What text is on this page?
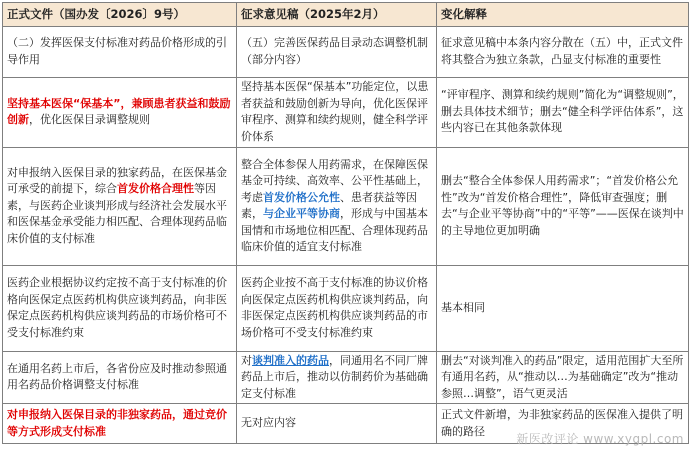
正式文件（国办发〔2026〕9号）	征求意见稿（2025年2月）	变化解释
（二）发挥医保支付标准对药品价格形成的引导作用	（五）完善医保药品目录动态调整机制（部分内容）	征求意见稿中本条内容分散在（五）中，正式文件将其整合为独立条款，凸显支付标准的重要性
坚持基本医保“保基本”，兼顾患者获益和鼓励创新，优化医保目录调整规则	坚持基本医保“保基本”功能定位，以患者获益和鼓励创新为导向，优化医保评审程序、测算和续约规则，健全科学评价体系	“评审程序、测算和续约规则”简化为“调整规则”，删去具体技术细节；删去“健全科学评估体系”，这些内容已在其他条款体现
对申报纳入医保目录的独家药品，在医保基金可承受的前提下，综合首发价格合理性等因素，与医药企业谈判形成与经济社会发展水平和医保基金承受能力相匹配、合理体现药品临床价值的支付标准	整合全体参保人用药需求，在保障医保基金可持续、高效率、公平性基础上，考虑首发价格公允性、患者获益等因素，与企业平等协商，形成与中国基本国情和市场地位相匹配、合理体现药品临床价值的适宜支付标准	删去“整合全体参保人用药需求”；“首发价格公允性”改为“首发价格合理性”，降低审查强度；删去“与企业平等协商”中的“平等”——医保在谈判中的主导地位更加明确
医药企业根据协议约定按不高于支付标准的价格向医保定点医药机构供应谈判药品，向非医保定点医药机构供应谈判药品的市场价格可不受支付标准约束	医药企业按不高于支付标准的协议价格向医保定点医药机构供应谈判药品，向非医保定点医药机构供应谈判药品的市场价格可不受支付标准约束	基本相同
在通用名药上市后，各省份应及时推动参照通用名药品价格调整支付标准	对谈判准入的药品，同通用名不同厂牌药品上市后，推动以仿制药价为基础确定支付标准	删去“对谈判准入的药品”限定，适用范围扩大至所有通用名药，从“推动以…为基础确定”改为“推动参照…调整”，语气更灵活
对申报纳入医保目录的非独家药品，通过竞价等方式形成支付标准	无对应内容	正式文件新增，为非独家药品的医保准入提供了明确的路径
新医改评论 www.xygpl.com
